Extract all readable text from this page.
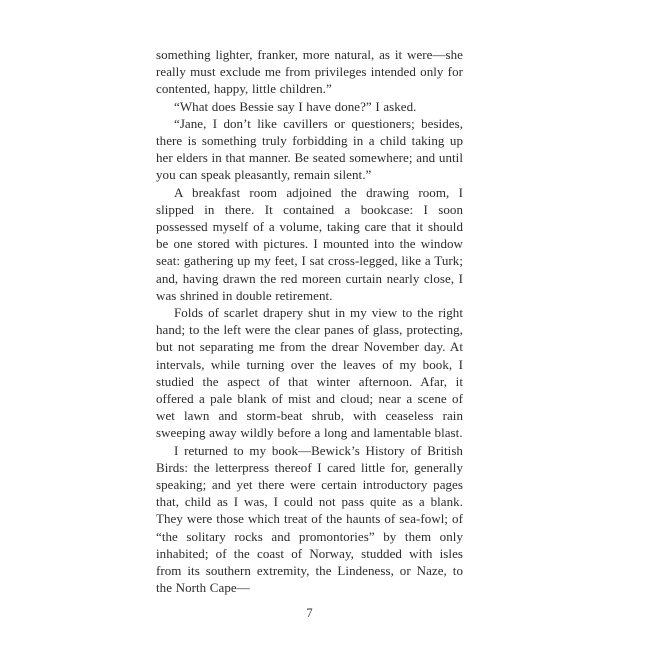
something lighter, franker, more natural, as it were—she really must exclude me from privileges intended only for contented, happy, little children.”

“What does Bessie say I have done?” I asked.

“Jane, I don’t like cavillers or questioners; besides, there is something truly forbidding in a child taking up her elders in that manner. Be seated somewhere; and until you can speak pleasantly, remain silent.”

A breakfast room adjoined the drawing room, I slipped in there. It contained a bookcase: I soon possessed myself of a volume, taking care that it should be one stored with pictures. I mounted into the window seat: gathering up my feet, I sat cross-legged, like a Turk; and, having drawn the red moreen curtain nearly close, I was shrined in double retirement.

Folds of scarlet drapery shut in my view to the right hand; to the left were the clear panes of glass, protecting, but not separating me from the drear November day. At intervals, while turning over the leaves of my book, I studied the aspect of that winter afternoon. Afar, it offered a pale blank of mist and cloud; near a scene of wet lawn and storm-beat shrub, with ceaseless rain sweeping away wildly before a long and lamentable blast.

I returned to my book—Bewick’s History of British Birds: the letterpress thereof I cared little for, generally speaking; and yet there were certain introductory pages that, child as I was, I could not pass quite as a blank. They were those which treat of the haunts of sea-fowl; of “the solitary rocks and promontories” by them only inhabited; of the coast of Norway, studded with isles from its southern extremity, the Lindeness, or Naze, to the North Cape—

7
